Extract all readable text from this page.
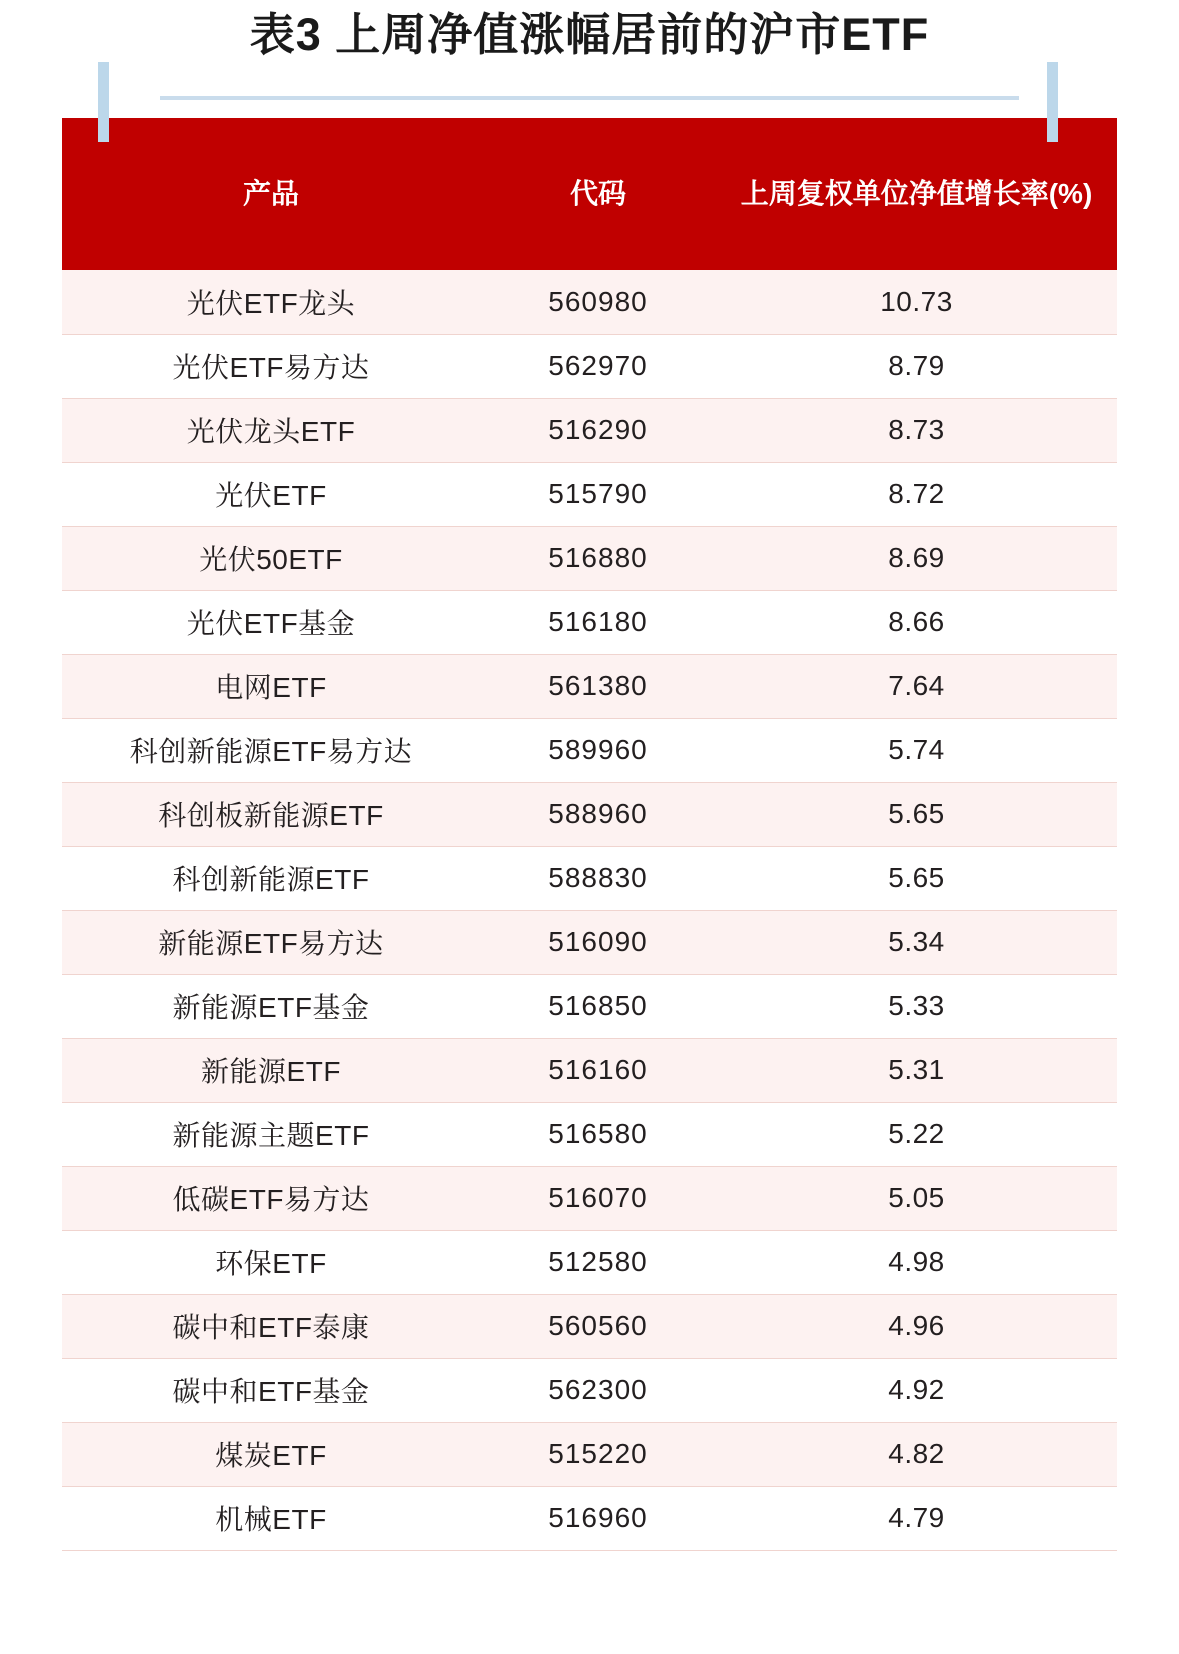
表3 上周净值涨幅居前的沪市ETF
产品	代码	上周复权单位净值增长率(%)
光伏ETF龙头	560980	10.73
光伏ETF易方达	562970	8.79
光伏龙头ETF	516290	8.73
光伏ETF	515790	8.72
光伏50ETF	516880	8.69
光伏ETF基金	516180	8.66
电网ETF	561380	7.64
科创新能源ETF易方达	589960	5.74
科创板新能源ETF	588960	5.65
科创新能源ETF	588830	5.65
新能源ETF易方达	516090	5.34
新能源ETF基金	516850	5.33
新能源ETF	516160	5.31
新能源主题ETF	516580	5.22
低碳ETF易方达	516070	5.05
环保ETF	512580	4.98
碳中和ETF泰康	560560	4.96
碳中和ETF基金	562300	4.92
煤炭ETF	515220	4.82
机械ETF	516960	4.79
